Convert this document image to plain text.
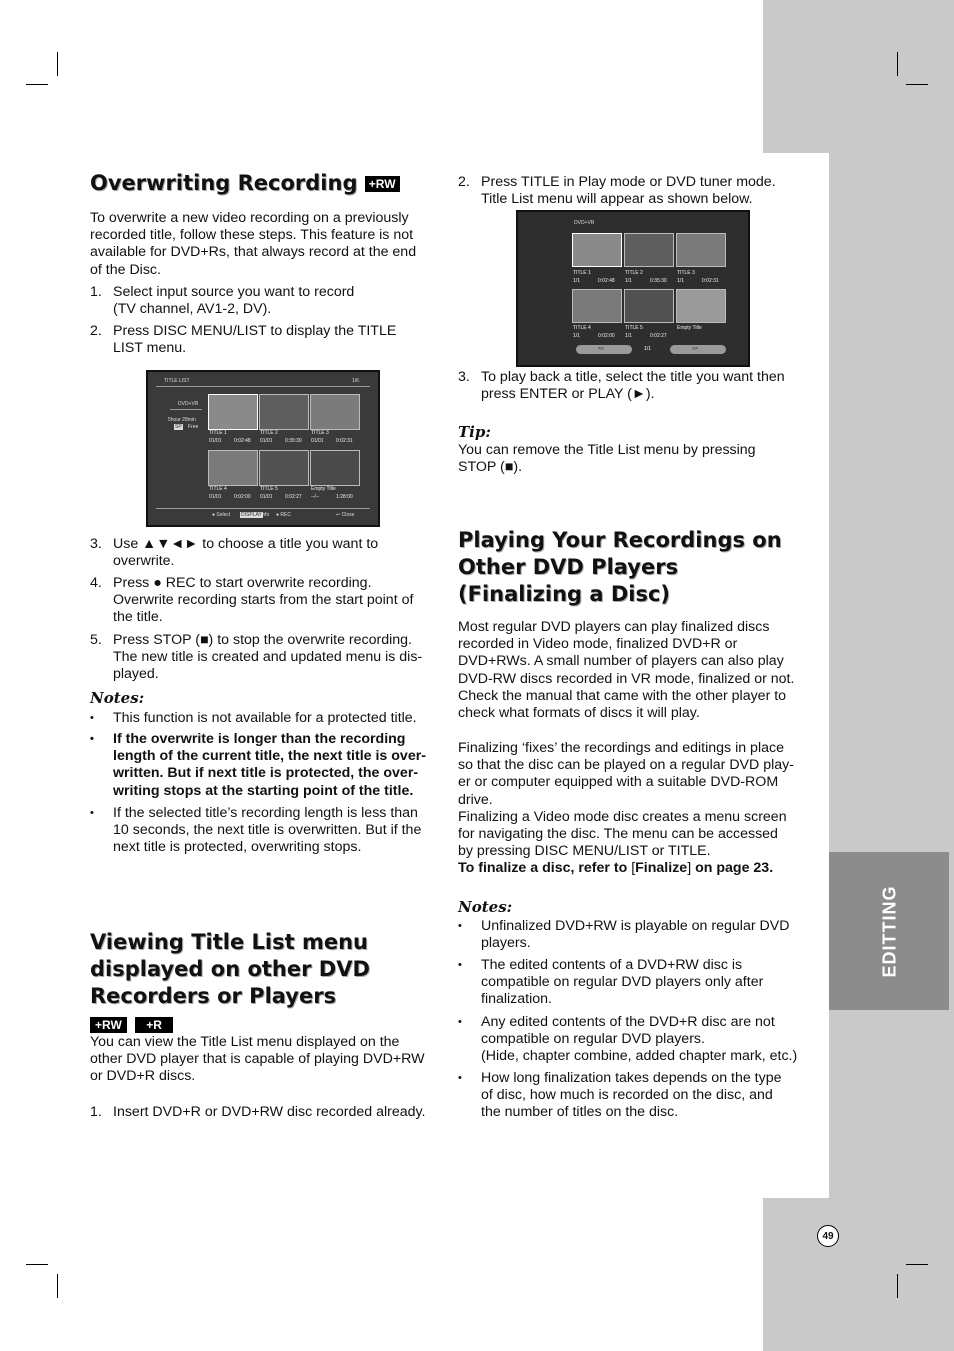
EDITTING
49
Overwriting Recording +RW

To overwrite a new video recording on a previously

recorded title, follow these steps. This feature is not

available for DVD+Rs, that always record at the end

of the Disc.

1. Select input source you want to record
(TV channel, AV1-2, DV).
2. Press DISC MENU/LIST to display the TITLE
LIST menu.
TITLE LIST	1/6
DVD+VR
5hour 28min
SP Free
TITLE 1
01/01 0:02:48
TITLE 2
01/01 0:35:30
TITLE 3
01/01 0:02:31
TITLE 4
01/01 0:02:00
TITLE 5
01/01 0:02:27
Empty Title
--/--	1:28:00
● Select DISPLAY Info ● REC	↩ Close
3. Use ▲▼◄► to choose a title you want to
overwrite.
4. Press ● REC to start overwrite recording.
Overwrite recording starts from the start point of
the title.
5. Press STOP (■) to stop the overwrite recording.
The new title is created and updated menu is dis-
played.
Notes:
• This function is not available for a protected title.
• If the overwrite is longer than the recording
length of the current title, the next title is over-
written. But if next title is protected, the over-
writing stops at the starting point of the title.
• If the selected title’s recording length is less than
10 seconds, the next title is overwritten. But if the
next title is protected, overwriting stops.
Viewing Title List menu
displayed on other DVD
Recorders or Players
+RW +R

You can view the Title List menu displayed on the

other DVD player that is capable of playing DVD+RW

or DVD+R discs.

1. Insert DVD+R or DVD+RW disc recorded already.
2. Press TITLE in Play mode or DVD tuner mode.
Title List menu will appear as shown below.
DVD+VR
TITLE 1
1/1	0:02:48
TITLE 2
1/1	0:35:30
TITLE 3
1/1	0:02:31
TITLE 4
1/1	0:02:00
TITLE 5
1/1	0:02:27
Empty Title
<<	1/1	>>
3. To play back a title, select the title you want then
press ENTER or PLAY (►).
Tip:

You can remove the Title List menu by pressing

STOP (■).

Playing Your Recordings on
Other DVD Players
(Finalizing a Disc)

Most regular DVD players can play finalized discs

recorded in Video mode, finalized DVD+R or

DVD+RWs. A small number of players can also play

DVD-RW discs recorded in VR mode, finalized or not.

Check the manual that came with the other player to

check what formats of discs it will play.

Finalizing ‘fixes’ the recordings and editings in place

so that the disc can be played on a regular DVD play-

er or computer equipped with a suitable DVD-ROM

drive.

Finalizing a Video mode disc creates a menu screen

for navigating the disc. The menu can be accessed

by pressing DISC MENU/LIST or TITLE.

To finalize a disc, refer to [Finalize] on page 23.

Notes:
• Unfinalized DVD+RW is playable on regular DVD
players.
• The edited contents of a DVD+RW disc is
compatible on regular DVD players only after
finalization.
• Any edited contents of the DVD+R disc are not
compatible on regular DVD players.
(Hide, chapter combine, added chapter mark, etc.)
• How long finalization takes depends on the type
of disc, how much is recorded on the disc, and
the number of titles on the disc.
